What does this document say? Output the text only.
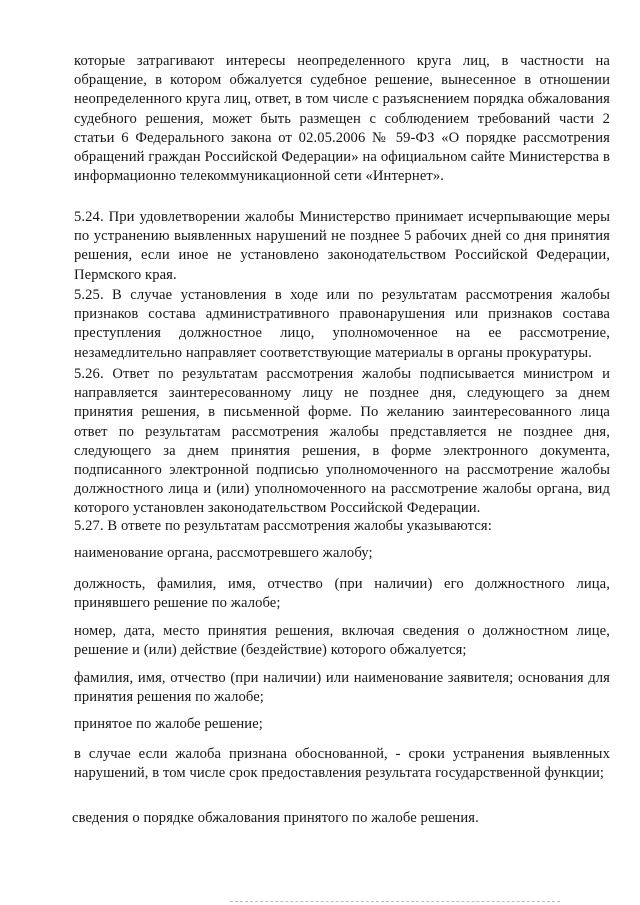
которые затрагивают интересы неопределенного круга лиц, в частности на обращение, в котором обжалуется судебное решение, вынесенное в отношении неопределенного круга лиц, ответ, в том числе с разъяснением порядка обжалования судебного решения, может быть размещен с соблюдением требований части 2 статьи 6 Федерального закона от 02.05.2006 № 59-ФЗ «О порядке рассмотрения обращений граждан Российской Федерации» на официальном сайте Министерства в информационно телекоммуникационной сети «Интернет».

5.24. При удовлетворении жалобы Министерство принимает исчерпывающие меры по устранению выявленных нарушений не позднее 5 рабочих дней со дня принятия решения, если иное не установлено законодательством Российской Федерации, Пермского края.

5.25. В случае установления в ходе или по результатам рассмотрения жалобы признаков состава административного правонарушения или признаков состава преступления должностное лицо, уполномоченное на ее рассмотрение, незамедлительно направляет соответствующие материалы в органы прокуратуры.

5.26. Ответ по результатам рассмотрения жалобы подписывается министром и направляется заинтересованному лицу не позднее дня, следующего за днем принятия решения, в письменной форме. По желанию заинтересованного лица ответ по результатам рассмотрения жалобы представляется не позднее дня, следующего за днем принятия решения, в форме электронного документа, подписанного электронной подписью уполномоченного на рассмотрение жалобы должностного лица и (или) уполномоченного на рассмотрение жалобы органа, вид которого установлен законодательством Российской Федерации.

5.27. В ответе по результатам рассмотрения жалобы указываются:

наименование органа, рассмотревшего жалобу;

должность, фамилия, имя, отчество (при наличии) его должностного лица, принявшего решение по жалобе;

номер, дата, место принятия решения, включая сведения о должностном лице, решение и (или) действие (бездействие) которого обжалуется;

фамилия, имя, отчество (при наличии) или наименование заявителя; основания для принятия решения по жалобе;

принятое по жалобе решение;

в случае если жалоба признана обоснованной, - сроки устранения выявленных нарушений, в том числе срок предоставления результата государственной функции;

сведения о порядке обжалования принятого по жалобе решения.
